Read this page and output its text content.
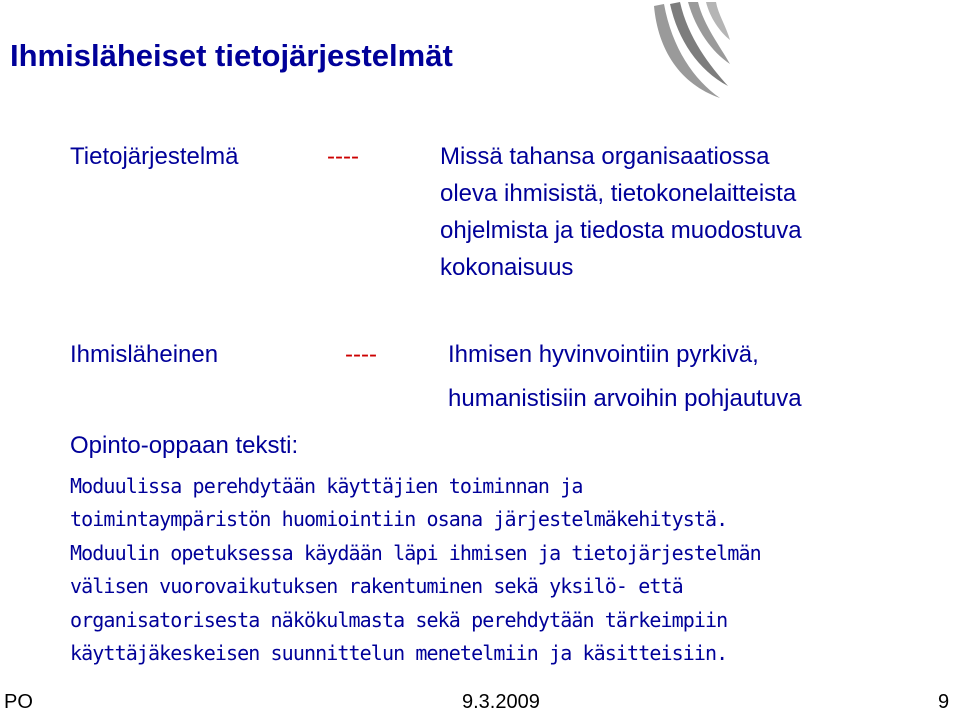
Ihmisläheiset tietojärjestelmät
Tietojärjestelmä	----	Missä tahansa organisaatiossa
oleva ihmisistä, tietokonelaitteista
ohjelmista ja tiedosta muodostuva
kokonaisuus
Ihmisläheinen	----	Ihmisen hyvinvointiin pyrkivä,
humanistisiin arvoihin pohjautuva
Opinto-oppaan teksti:
Moduulissa perehdytään käyttäjien toiminnan ja
toimintaympäristön huomiointiin osana järjestelmäkehitystä.
Moduulin opetuksessa käydään läpi ihmisen ja tietojärjestelmän
välisen vuorovaikutuksen rakentuminen sekä yksilö- että
organisatorisesta näkökulmasta sekä perehdytään tärkeimpiin
käyttäjäkeskeisen suunnittelun menetelmiin ja käsitteisiin.
PO	9.3.2009	9
